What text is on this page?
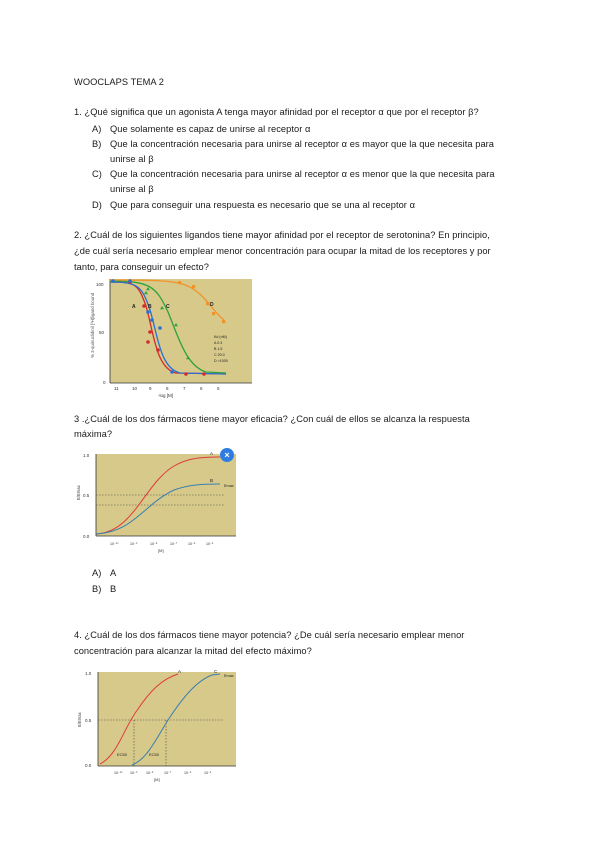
WOOCLAPS TEMA 2
1. ¿Qué significa que un agonista A tenga mayor afinidad por el receptor α que por el receptor β?
A) Que solamente es capaz de unirse al receptor α
B) Que la concentración necesaria para unirse al receptor α es mayor que la que necesita para
unirse al β
C) Que la concentración necesaria para unirse al receptor α es menor que la que necesita para
unirse al β
D) Que para conseguir una respuesta es necesario que se una al receptor α
2. ¿Cuál de los siguientes ligandos tiene mayor afinidad por el receptor de serotonina? En principio,
¿de cuál sería necesario emplear menor concentración para ocupar la mitad de los receptores y por
tanto, para conseguir un efecto?
100
50
0
% 3-quinuclidinil [³H]ligand bound
11	10	9	8	7	6	5
-log [M]
A B	C	D
Kd (nM)
A 0.3
B 1.5
C 20.0
D >1000
3 .¿Cuál de los dos fármacos tiene mayor eficacia? ¿Con cuál de ellos se alcanza la respuesta
máxima?
1.0
0.5
0.0
E/Emax
A
B
Emax
10⁻¹⁰	10⁻⁹	10⁻⁸	10⁻⁷	10⁻⁶	10⁻⁵
[M]
×
A) A
B) B
4. ¿Cuál de los dos fármacos tiene mayor potencia? ¿De cuál sería necesario emplear menor
concentración para alcanzar la mitad del efecto máximo?
1.0
0.5
0.0
E/Emax
A	C
Emax
EC50	EC50
10⁻¹⁰ 10⁻⁹ 10⁻⁸	10⁻⁷	10⁻⁶	10⁻⁵
[M]
